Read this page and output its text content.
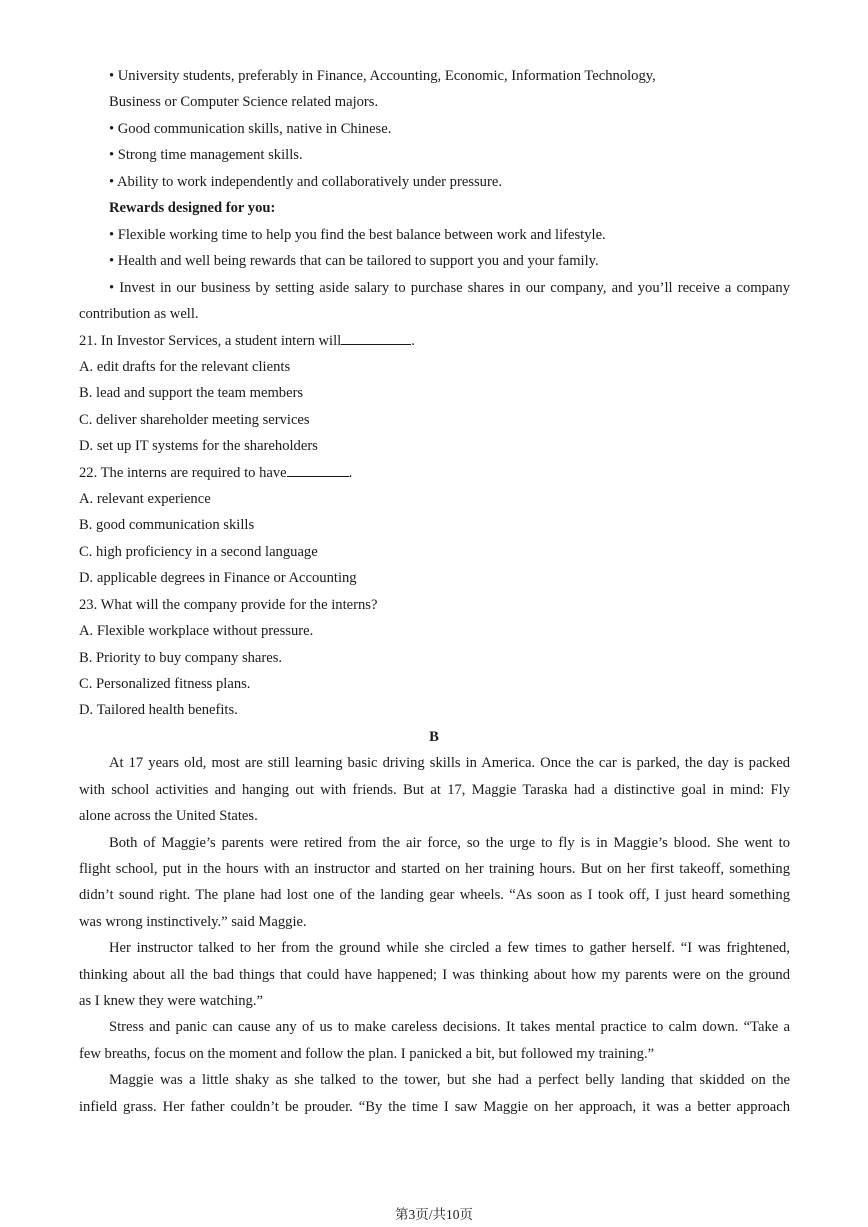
• University students, preferably in Finance, Accounting, Economic, Information Technology,
Business or Computer Science related majors.
• Good communication skills, native in Chinese.
• Strong time management skills.
• Ability to work independently and collaboratively under pressure.
Rewards designed for you:
• Flexible working time to help you find the best balance between work and lifestyle.
• Health and well being rewards that can be tailored to support you and your family.
• Invest in our business by setting aside salary to purchase shares in our company, and you’ll receive a company
contribution as well.
21. In Investor Services, a student intern will	.
A. edit drafts for the relevant clients
B. lead and support the team members
C. deliver shareholder meeting services
D. set up IT systems for the shareholders
22. The interns are required to have	.
A. relevant experience
B. good communication skills
C. high proficiency in a second language
D. applicable degrees in Finance or Accounting
23. What will the company provide for the interns?
A. Flexible workplace without pressure.
B. Priority to buy company shares.
C. Personalized fitness plans.
D. Tailored health benefits.
B
At 17 years old, most are still learning basic driving skills in America. Once the car is parked, the day is packed
with school activities and hanging out with friends. But at 17, Maggie Taraska had a distinctive goal in mind: Fly
alone across the United States.
Both of Maggie’s parents were retired from the air force, so the urge to fly is in Maggie’s blood. She went to
flight school, put in the hours with an instructor and started on her training hours. But on her first takeoff, something
didn’t sound right. The plane had lost one of the landing gear wheels. “As soon as I took off, I just heard something
was wrong instinctively.” said Maggie.
Her instructor talked to her from the ground while she circled a few times to gather herself. “I was frightened,
thinking about all the bad things that could have happened; I was thinking about how my parents were on the ground
as I knew they were watching.”
Stress and panic can cause any of us to make careless decisions. It takes mental practice to calm down. “Take a
few breaths, focus on the moment and follow the plan. I panicked a bit, but followed my training.”
Maggie was a little shaky as she talked to the tower, but she had a perfect belly landing that skidded on the
infield grass. Her father couldn’t be prouder. “By the time I saw Maggie on her approach, it was a better approach
第3页/共10页
